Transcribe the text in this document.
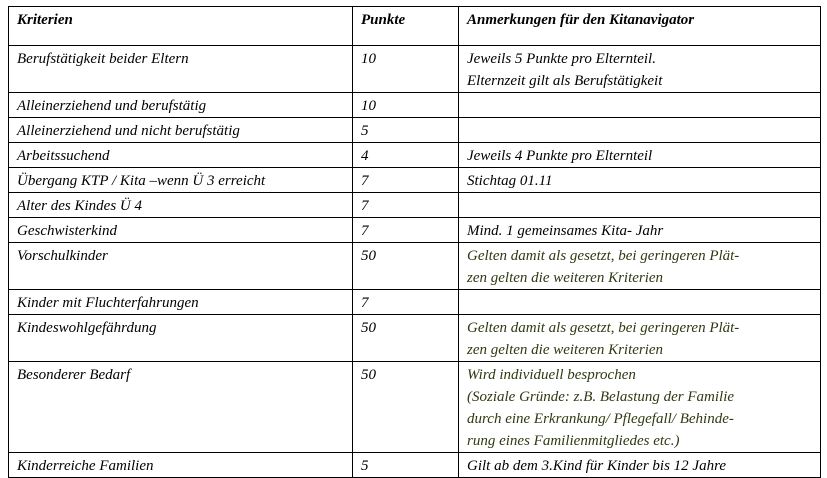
Kriterien	Punkte	Anmerkungen für den Kitanavigator
Berufstätigkeit beider Eltern	10	Jeweils 5 Punkte pro Elternteil.
Elternzeit gilt als Berufstätigkeit

Alleinerziehend und berufstätig	10	
Alleinerziehend und nicht berufstätig	5	
Arbeitssuchend	4	Jeweils 4 Punkte pro Elternteil

Übergang KTP / Kita –wenn Ü 3 erreicht	7	Stichtag 01.11

Alter des Kindes Ü 4	7	
Geschwisterkind	7	Mind. 1 gemeinsames Kita- Jahr

Vorschulkinder	50	Gelten damit als gesetzt, bei geringeren Plät-
zen gelten die weiteren Kriterien

Kinder mit Fluchterfahrungen	7	
Kindeswohlgefährdung	50	Gelten damit als gesetzt, bei geringeren Plät-
zen gelten die weiteren Kriterien

Besonderer Bedarf	50	Wird individuell besprochen
(Soziale Gründe: z.B. Belastung der Familie
durch eine Erkrankung/ Pflegefall/ Behinde-
rung eines Familienmitgliedes etc.)

Kinderreiche Familien	5	Gilt ab dem 3.Kind für Kinder bis 12 Jahre
